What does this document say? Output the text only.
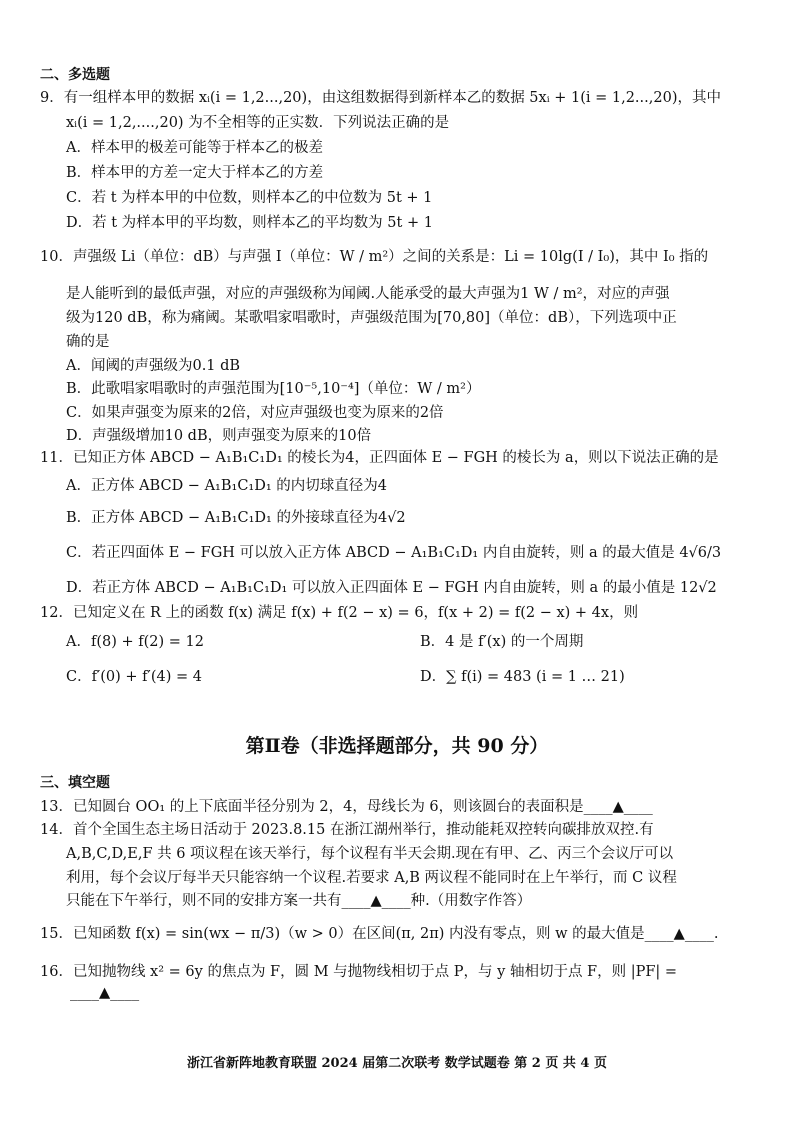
二、多选题
9．有一组样本甲的数据 xᵢ(i = 1,2...,20)，由这组数据得到新样本乙的数据 5xᵢ + 1(i = 1,2...,20)，其中
xᵢ(i = 1,2,....,20) 为不全相等的正实数．下列说法正确的是
A．样本甲的极差可能等于样本乙的极差
B．样本甲的方差一定大于样本乙的方差
C．若 t 为样本甲的中位数，则样本乙的中位数为 5t + 1
D．若 t 为样本甲的平均数，则样本乙的平均数为 5t + 1
10．声强级 Li（单位：dB）与声强 I（单位：W / m²）之间的关系是：Li = 10lg(I / I₀)，其中 I₀ 指的
是人能听到的最低声强，对应的声强级称为闻阈.人能承受的最大声强为1 W / m²，对应的声强
级为120 dB，称为痛阈。某歌唱家唱歌时，声强级范围为[70,80]（单位：dB），下列选项中正
确的是
A．闻阈的声强级为0.1 dB
B．此歌唱家唱歌时的声强范围为[10⁻⁵,10⁻⁴]（单位：W / m²）
C．如果声强变为原来的2倍，对应声强级也变为原来的2倍
D．声强级增加10 dB，则声强变为原来的10倍
11．已知正方体 ABCD − A₁B₁C₁D₁ 的棱长为4，正四面体 E − FGH 的棱长为 a，则以下说法正确的是
A．正方体 ABCD − A₁B₁C₁D₁ 的内切球直径为4
B．正方体 ABCD − A₁B₁C₁D₁ 的外接球直径为4√2
C．若正四面体 E − FGH 可以放入正方体 ABCD − A₁B₁C₁D₁ 内自由旋转，则 a 的最大值是 4√6/3
D．若正方体 ABCD − A₁B₁C₁D₁ 可以放入正四面体 E − FGH 内自由旋转，则 a 的最小值是 12√2
12．已知定义在 R 上的函数 f(x) 满足 f(x) + f(2 − x) = 6，f(x + 2) = f(2 − x) + 4x，则
A．f(8) + f(2) = 12	B．4 是 f′(x) 的一个周期
C．f′(0) + f′(4) = 4	D．∑ f(i) = 483 (i = 1 … 21)
第Ⅱ卷（非选择题部分，共 90 分）
三、填空题
13．已知圆台 OO₁ 的上下底面半径分别为 2，4，母线长为 6，则该圆台的表面积是____▲____
14．首个全国生态主场日活动于 2023.8.15 在浙江湖州举行，推动能耗双控转向碳排放双控.有
A,B,C,D,E,F 共 6 项议程在该天举行，每个议程有半天会期.现在有甲、乙、丙三个会议厅可以
利用，每个会议厅每半天只能容纳一个议程.若要求 A,B 两议程不能同时在上午举行，而 C 议程
只能在下午举行，则不同的安排方案一共有____▲____种.（用数字作答）
15．已知函数 f(x) = sin(wx − π/3)（w > 0）在区间(π, 2π) 内没有零点，则 w 的最大值是____▲____.
16．已知抛物线 x² = 6y 的焦点为 F，圆 M 与抛物线相切于点 P，与 y 轴相切于点 F，则 |PF| =
____▲____
浙江省新阵地教育联盟 2024 届第二次联考 数学试题卷 第 2 页 共 4 页
